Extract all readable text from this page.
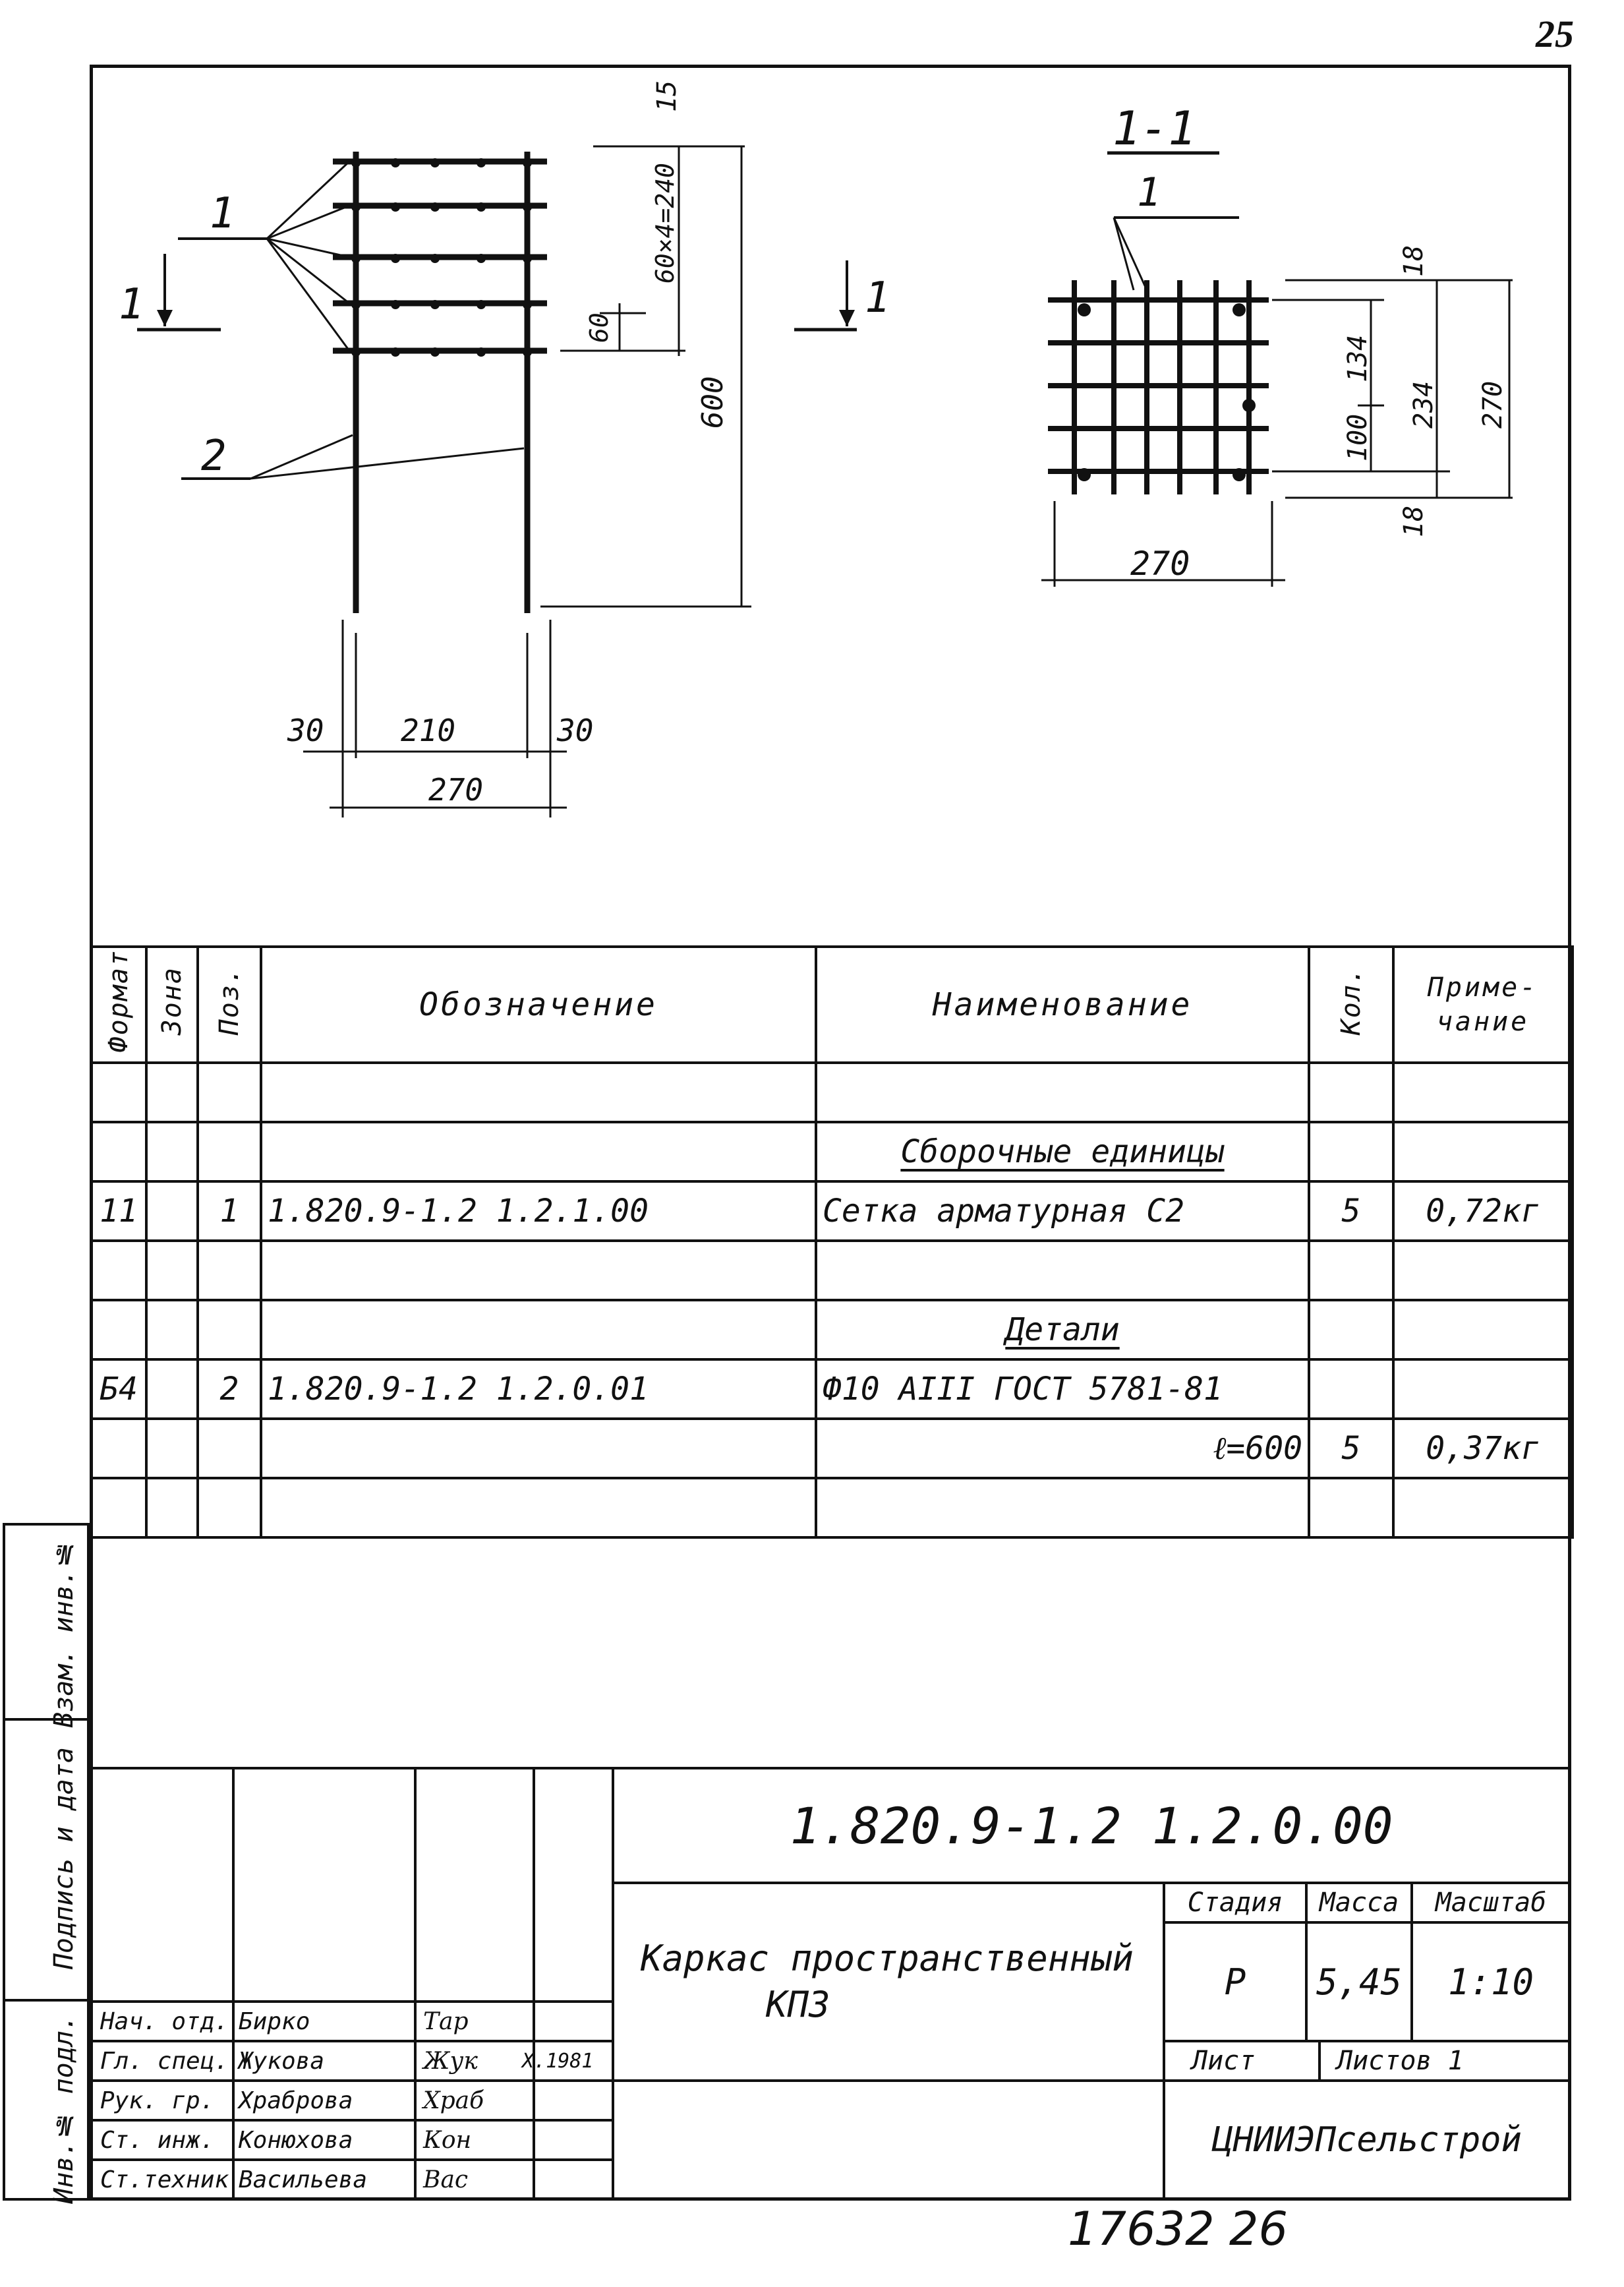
25
1
1	1
2
15
60×4=240
60
600
30	210	30
270
1-1
1
18
134
100
234 270
18
270
Формат	Зона	Поз.	Обозначение	Наименование	Кол.	Приме-чание

				Сборочные единицы		
11		1	1.820.9-1.2 1.2.1.00	Сетка арматурная С2	5	0,72кг

				Детали		
Б4		2	1.820.9-1.2 1.2.0.01	Ф10 АIII ГОСТ 5781-81		
				ℓ=600	5	0,37кг

Нач. отд. Бирко	Тар
Гл. спец. Жукова	Жук	Х.1981
Рук. гр.	Храброва	Храб
Ст. инж.	Конюхова	Кон
Ст.техник Васильева	Вас
1.820.9-1.2 1.2.0.00
Каркас пространственный
КП3
Стадия	Масса	Масштаб
Р	5,45	1:10
Лист	Листов 1
ЦНИИЭПсельстрой
Взам. инв.№
Подпись и дата
Инв.№ подл.
17632 26
